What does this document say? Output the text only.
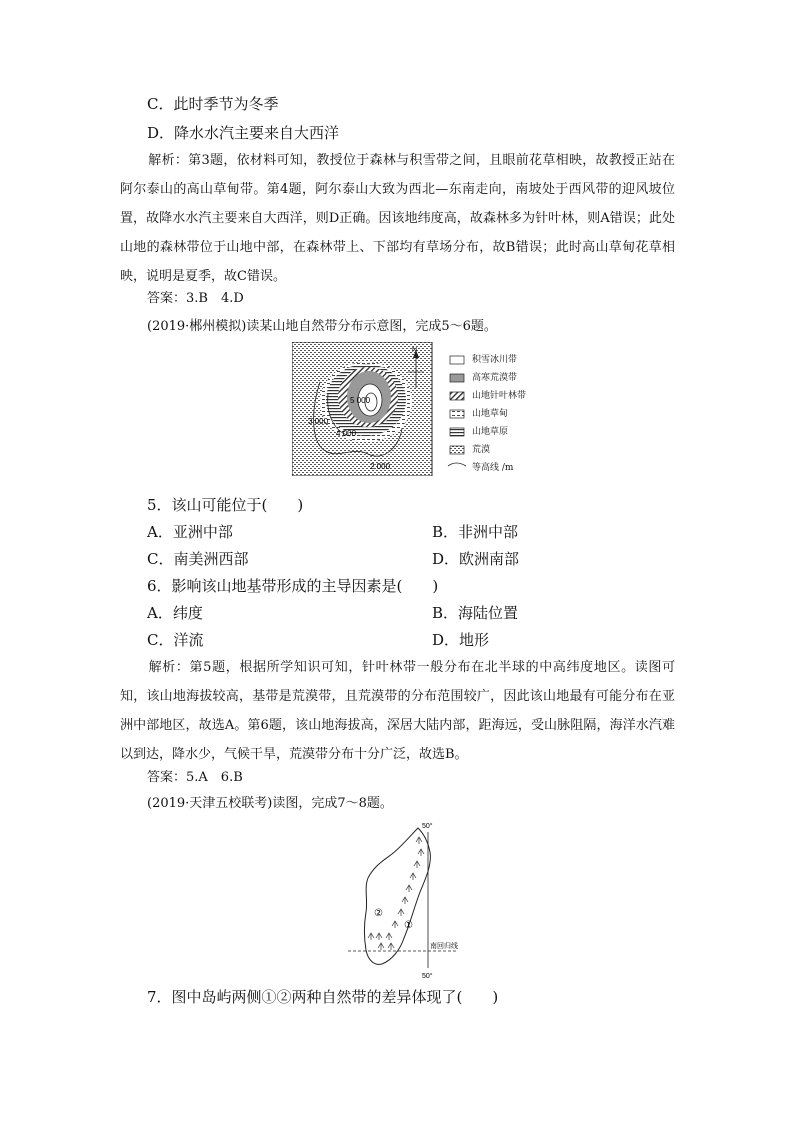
C．此时季节为冬季
D．降水水汽主要来自大西洋
解析：第3题，依材料可知，教授位于森林与积雪带之间，且眼前花草相映，故教授正站在阿尔泰山的高山草甸带。第4题，阿尔泰山大致为西北—东南走向，南坡处于西风带的迎风坡位置，故降水水汽主要来自大西洋，则D正确。因该地纬度高，故森林多为针叶林，则A错误；此处山地的森林带位于山地中部，在森林带上、下部均有草场分布，故B错误；此时高山草甸花草相映，说明是夏季，故C错误。
答案：3.B　4.D
(2019·郴州模拟)读某山地自然带分布示意图，完成5～6题。
5 000
4 000
3 000
2 000
N
积雪冰川带
高寒荒漠带
山地针叶林带
山地草甸
山地草原
荒漠
等高线 /m
5．该山可能位于(　　)
A．亚洲中部	B．非洲中部
C．南美洲西部	D．欧洲南部
6．影响该山地基带形成的主导因素是(　　)
A．纬度	B．海陆位置
C．洋流	D．地形
解析：第5题，根据所学知识可知，针叶林带一般分布在北半球的中高纬度地区。读图可知，该山地海拔较高，基带是荒漠带，且荒漠带的分布范围较广，因此该山地最有可能分布在亚洲中部地区，故选A。第6题，该山地海拔高，深居大陆内部，距海远，受山脉阻隔，海洋水汽难以到达，降水少，气候干旱，荒漠带分布十分广泛，故选B。
答案：5.A　6.B
(2019·天津五校联考)读图，完成7～8题。
50°
50°
南回归线
①
②
7．图中岛屿两侧①②两种自然带的差异体现了(　　)
